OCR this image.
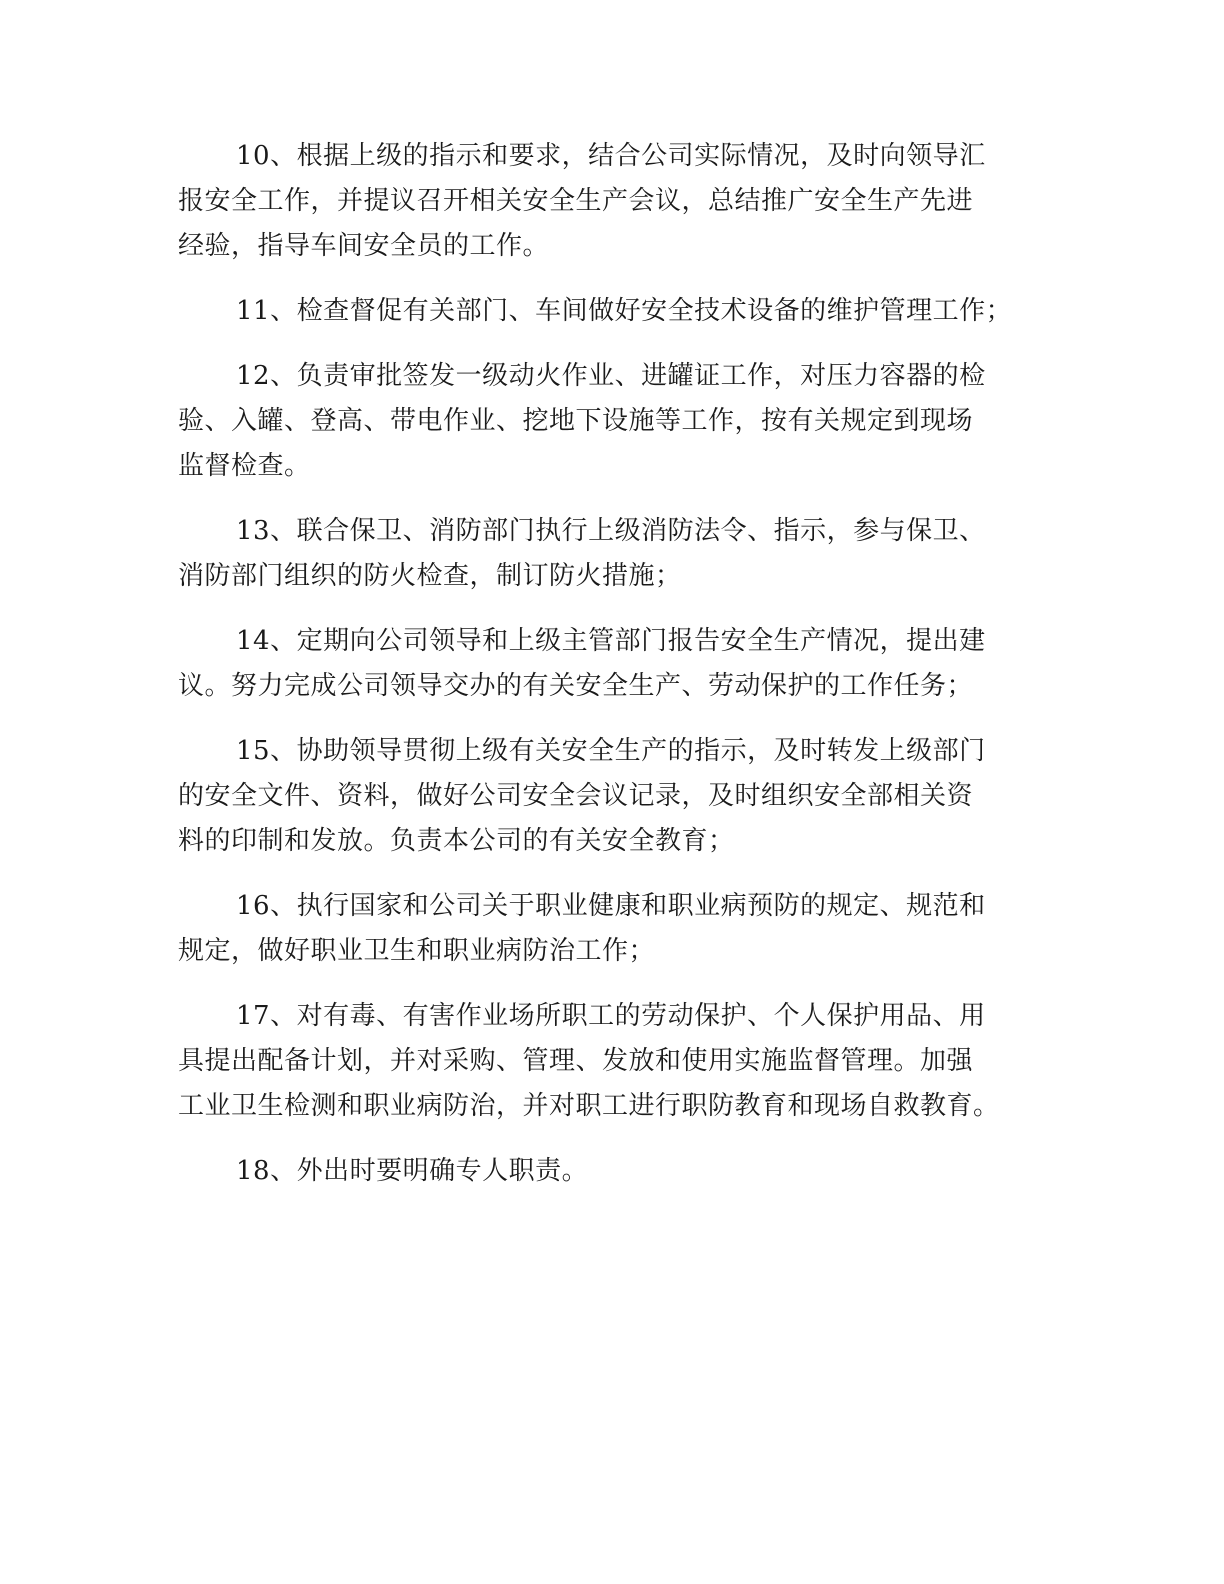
10、根据上级的指示和要求，结合公司实际情况，及时向领导汇
报安全工作，并提议召开相关安全生产会议，总结推广安全生产先进
经验，指导车间安全员的工作。

11、检查督促有关部门、车间做好安全技术设备的维护管理工作；

12、负责审批签发一级动火作业、进罐证工作，对压力容器的检
验、入罐、登高、带电作业、挖地下设施等工作，按有关规定到现场
监督检查。

13、联合保卫、消防部门执行上级消防法令、指示，参与保卫、
消防部门组织的防火检查，制订防火措施；

14、定期向公司领导和上级主管部门报告安全生产情况，提出建
议。努力完成公司领导交办的有关安全生产、劳动保护的工作任务；

15、协助领导贯彻上级有关安全生产的指示，及时转发上级部门
的安全文件、资料，做好公司安全会议记录，及时组织安全部相关资
料的印制和发放。负责本公司的有关安全教育；

16、执行国家和公司关于职业健康和职业病预防的规定、规范和
规定，做好职业卫生和职业病防治工作；

17、对有毒、有害作业场所职工的劳动保护、个人保护用品、用
具提出配备计划，并对采购、管理、发放和使用实施监督管理。加强
工业卫生检测和职业病防治，并对职工进行职防教育和现场自救教育。

18、外出时要明确专人职责。
